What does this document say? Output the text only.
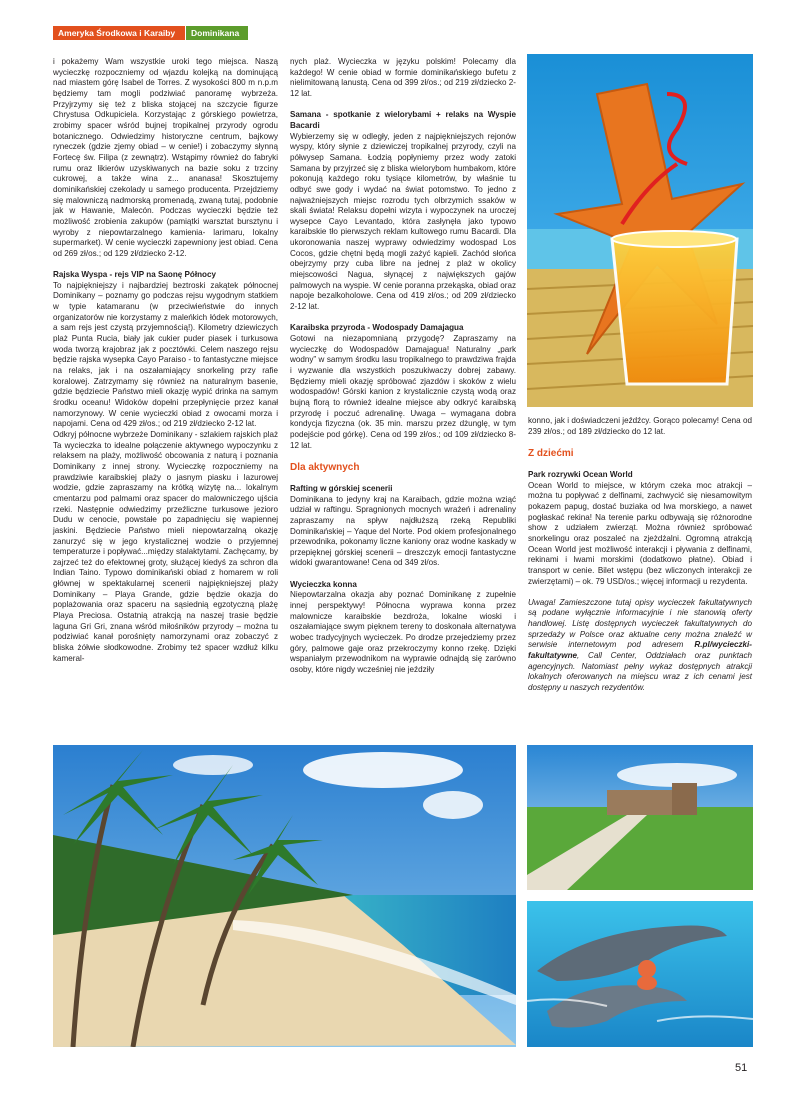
Ameryka Środkowa i Karaiby	Dominikana

i pokażemy Wam wszystkie uroki tego miejsca. Naszą wycieczkę rozpoczniemy od wjazdu kolejką na dominującą nad miastem górę Isabel de Torres. Z wysokości 800 m n.p.m będziemy tam mogli podziwiać panoramę wybrzeża. Przyjrzymy się też z bliska stojącej na szczycie figurze Chrystusa Odkupiciela. Korzystając z górskiego powietrza, zrobimy spacer wśród bujnej tropikalnej przyrody ogrodu botanicznego. Odwiedzimy historyczne centrum, bajkowy ryneczek (gdzie zjemy obiad – w cenie!) i zobaczymy słynną Fortecę św. Filipa (z zewnątrz). Wstąpimy również do fabryki rumu oraz likierów uzyskiwanych na bazie soku z trzciny cukrowej, a także wina z... ananasa! Skosztujemy dominikańskiej czekolady u samego producenta. Przejdziemy się malowniczą nadmorską promenadą, zwaną tutaj, podobnie jak w Hawanie, Malecón. Podczas wycieczki będzie też możliwość zrobienia zakupów (pamiątki warsztat bursztynu i wyroby z niepowtarzalnego kamienia- larimaru, lokalny supermarket). W cenie wycieczki zapewniony jest obiad. Cena od 269 zł/os.; od 129 zł/dziecko 2-12.

Rajska Wyspa - rejs VIP na Saonę Północy

To najpiękniejszy i najbardziej beztroski zakątek północnej Dominikany – poznamy go podczas rejsu wygodnym statkiem w typie katamaranu (w przeciwieństwie do innych organizatorów nie korzystamy z maleńkich łódek motorowych, a sam rejs jest czystą przyjemnością!). Kilometry dziewiczych plaż Punta Rucia, biały jak cukier puder piasek i turkusowa woda tworzą krajobraz jak z pocztówki. Celem naszego rejsu będzie rajska wysepka Cayo Paraiso - to fantastyczne miejsce na relaks, jak i na oszałamiający snorkeling przy rafie koralowej. Zatrzymamy się również na naturalnym basenie, gdzie będziecie Państwo mieli okazję wypić drinka na samym środku oceanu! Widoków dopełni przepłynięcie przez kanał namorzynowy. W cenie wycieczki obiad z owocami morza i napojami. Cena od 429 zł/os.; od 219 zł/dziecko 2-12 lat.

Odkryj północne wybrzeże Dominikany - szlakiem rajskich plaż Ta wycieczka to idealne połączenie aktywnego wypoczynku z relaksem na plaży, możliwość obcowania z naturą i poznania Dominikany z innej strony. Wycieczkę rozpoczniemy na prawdziwie karaibskiej plaży o jasnym piasku i lazurowej wodzie, gdzie zapraszamy na krótką wizytę na... lokalnym cmentarzu pod palmami oraz spacer do malowniczego ujścia rzeki. Następnie odwiedzimy przeźliczne turkusowe jezioro Dudu w cenocie, powstałe po zapadnięciu się wapiennej jaskini. Będziecie Państwo mieli niepowtarzalną okazję zanurzyć się w jego krystalicznej wodzie o przyjemnej temperaturze i popływać...między stalaktytami. Zachęcamy, by zajrzeć też do efektownej groty, służącej kiedyś za schron dla Indian Taino. Typowo dominikański obiad z homarem w roli głównej w spektakularnej scenerii najpiękniejszej plaży Dominikany – Playa Grande, gdzie będzie okazja do poplażowania oraz spaceru na sąsiednią egzotyczną plażę Playa Preciosa. Ostatnią atrakcją na naszej trasie będzie laguna Gri Gri, znana wśród miłośników przyrody – można tu podziwiać kanał porośnięty namorzynami oraz zobaczyć z bliska żółwie słodkowodne. Zrobimy też spacer wzdłuż kilku kameral-

nych plaż. Wycieczka w języku polskim! Polecamy dla każdego! W cenie obiad w formie dominikańskiego bufetu z nielimitowaną lanustą. Cena od 399 zł/os.; od 219 zł/dziecko 2-12 lat.

Samana - spotkanie z wielorybami + relaks na Wyspie Bacardi

Wybierzemy się w odległy, jeden z najpiękniejszych rejonów wyspy, który słynie z dziewiczej tropikalnej przyrody, czyli na półwysep Samana. Łodzią popłyniemy przez wody zatoki Samana by przyjrzeć się z bliska wielorybom humbakom, które pokonują każdego roku tysiące kilometrów, by właśnie tu odbyć swe gody i wydać na świat potomstwo. To jedno z najważniejszych miejsc rozrodu tych olbrzymich ssaków w skali świata! Relaksu dopełni wizyta i wypoczynek na uroczej wysepce Cayo Levantado, która zasłynęła jako typowo karaibskie tło pierwszych reklam kultowego rumu Bacardi. Dla ukoronowania naszej wyprawy odwiedzimy wodospad Los Cocos, gdzie chętni będą mogli zażyć kąpieli. Zachód słońca obejrzymy przy cuba libre na jednej z plaż w okolicy miejscowości Nagua, słynącej z największych gajów palmowych na wyspie. W cenie poranna przekąska, obiad oraz napoje bezalkoholowe. Cena od 419 zł/os.; od 209 zł/dziecko 2-12 lat.

Karaibska przyroda - Wodospady Damajagua

Gotowi na niezapomnianą przygodę? Zapraszamy na wycieczkę do Wodospadów Damajagua! Naturalny „park wodny” w samym środku lasu tropikalnego to prawdziwa frajda i wyzwanie dla wszystkich poszukiwaczy dobrej zabawy. Będziemy mieli okazję spróbować zjazdów i skoków z wielu wodospadów! Górski kanion z krystalicznie czystą wodą oraz bujną florą to również idealne miejsce aby odkryć karaibską przyrodę i poczuć adrenalinę. Uwaga – wymagana dobra kondycja fizyczna (ok. 35 min. marszu przez dżunglę, w tym podejście pod górkę). Cena od 199 zł/os.; od 109 zł/dziecko 8-12 lat.

Dla aktywnych
Rafting w górskiej scenerii

Dominikana to jedyny kraj na Karaibach, gdzie można wziąć udział w raftingu. Spragnionych mocnych wrażeń i adrenaliny zapraszamy na spływ najdłuższą rzeką Republiki Dominikańskiej – Yaque del Norte. Pod okiem profesjonalnego przewodnika, pokonamy liczne kaniony oraz wodne kaskady w przepięknej górskiej scenerii – dreszczyk emocji fantastyczne widoki gwarantowane! Cena od 349 zł/os.

Wycieczka konna

Niepowtarzalna okazja aby poznać Dominikanę z zupełnie innej perspektywy! Północna wyprawa konna przez malownicze karaibskie bezdroża, lokalne wioski i oszałamiające swym pięknem tereny to doskonała alternatywa wobec tradycyjnych wycieczek. Po drodze przejedziemy przez góry, palmowe gaje oraz przekroczymy konno rzekę. Dzięki wspaniałym przewodnikom na wyprawie odnajdą się zarówno osoby, które nigdy wcześniej nie jeździły

konno, jak i doświadczeni jeźdźcy. Gorąco polecamy! Cena od 239 zł/os.; od 189 zł/dziecko do 12 lat.

Z dziećmi
Park rozrywki Ocean World

Ocean World to miejsce, w którym czeka moc atrakcji – można tu popływać z delfinami, zachwycić się niesamowitym pokazem papug, dostać buziaka od lwa morskiego, a nawet pogłaskać rekina! Na terenie parku odbywają się różnorodne show z udziałem zwierząt. Można również spróbować snorkelingu oraz poszaleć na zjeżdżalni. Ogromną atrakcją Ocean World jest możliwość interakcji i pływania z delfinami, rekinami i lwami morskimi (dodatkowo płatne). Obiad i transport w cenie. Bilet wstępu (bez wliczonych interakcji ze zwierzętami) – ok. 79 USD/os.; więcej informacji u rezydenta.

Uwaga! Zamieszczone tutaj opisy wycieczek fakultatywnych są podane wyłącznie informacyjnie i nie stanowią oferty handlowej. Listę dostępnych wycieczek fakultatywnych do sprzedaży w Polsce oraz aktualne ceny można znaleźć w serwisie internetowym pod adresem R.pl/wycieczki-fakultatywne, Call Center, Oddziałach oraz punktach agencyjnych. Natomiast pełny wykaz dostępnych atrakcji lokalnych oferowanych na miejscu wraz z ich cenami jest dostępny u naszych rezydentów.

51
